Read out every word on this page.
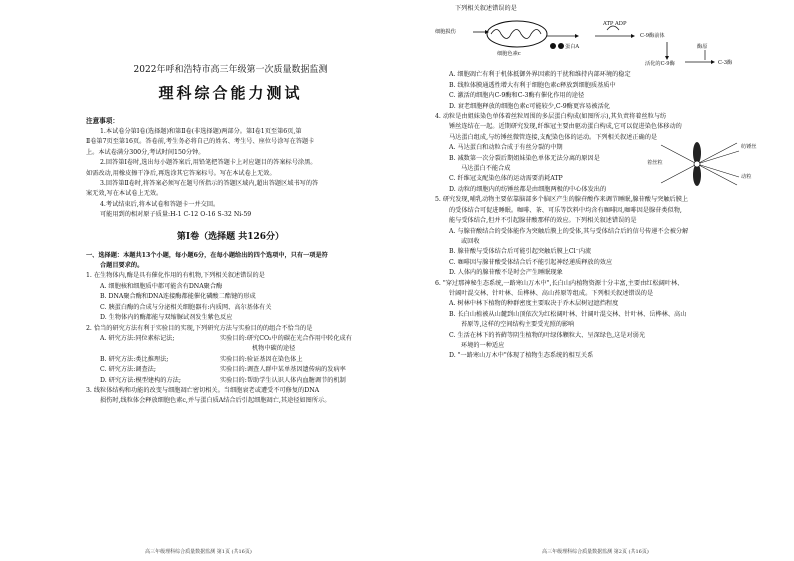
2022年呼和浩特市高三年级第一次质量数据监测
理科综合能力测试
注意事项：
1.本试卷分第Ⅰ卷(选择题)和第Ⅱ卷(非选择题)两部分。第Ⅰ卷1页至第6页,第
Ⅱ卷第7页至第16页。答卷前,考生务必将自己的姓名、考生号、座位号涂写在答题卡
上。本试卷满分300分,考试时间150分钟。
2.回答第Ⅰ卷时,选出每小题答案后,用铅笔把答题卡上对应题目的答案标号涂黑。
如需改动,用橡皮擦干净后,再选涂其它答案标号。写在本试卷上无效。
3.回答第Ⅱ卷时,将答案必须写在题号所指示的答题区域内,超出答题区域书写的答
案无效,写在本试卷上无效。
4.考试结束后,将本试卷和答题卡一并交回。
可能用到的相对原子质量:H-1 C-12 O-16 S-32 Ni-59
第Ⅰ卷（选择题 共126分）
一、选择题：本题共13个小题，每小题6分，在每小题给出的四个选项中，只有一项是符
合题目要求的。
1. 在生物体内,酶是具有催化作用的有机物,下列相关叙述错误的是
A. 细胞核和细胞质中都可能含有DNA聚合酶
B. DNA聚合酶和DNA连接酶都能催化磷酸二酯键的形成
C. 胰蛋白酶的合成与分泌相关细胞器有:内质网、高尔基体有关
D. 生物体内的酶都能与双缩脲试剂发生紫色反应
2. 恰当的研究方法有利于实验目的实现,下列研究方法与实验目的的组合不恰当的是
A. 研究方法:同位素标记法;	实验目的:研究CO₂中的碳在光合作用中转化成有
机物中碳的途径
B. 研究方法:类比推理法;	实验目的:验证基因在染色体上
C. 研究方法:调查法;	实验目的:调查人群中某单基因遗传病的发病率
D. 研究方法:模型建构的方法;	实验目的:帮助学生认识人体内血糖调节的机制
3. 线粒体结构和功能的改变与细胞凋亡密切相关。当细胞衰老或遭受不可修复的DNA
损伤时,线粒体会释放细胞色素c,并与蛋白质A结合后引起细胞凋亡,其途径如图所示。
高三年级理科综合质量数据监测 第1页 (共16页)
下列相关叙述错误的是
细胞损伤
细胞色素c
蛋白A
ATP ADP
C-9酶前体
活化的C-9酶
酶原
C-3酶
A. 细胞凋亡有利于机体抵御外界因素的干扰和维持内部环境的稳定
B. 线粒体膜通透性增大有利于细胞色素c释放到细胞质基质中
C. 激活的细胞内C-9酶和C-3酶有催化作用的途径
D. 衰老细胞释放的细胞色素c可能较少,C-9酶更容易被活化
4. 动粒是由姐妹染色单体着丝粒周围的多层蛋白构成(如图所示),其负责将着丝粒与纺
锤丝连结在一起。近期研究发现,纤维冠主要由驱动蛋白构成,它可以促进染色体移动的
马达蛋白组成,与纺锤丝微管连接,支配染色体的运动。下列相关叙述正确的是
A. 马达蛋白和动粒合成于有丝分裂的中期
B. 减数第一次分裂后期姐妹染色单体无法分离的原因是
马达蛋白不能合成
C. 纤维冠支配染色体的运动需要消耗ATP
D. 动粒的细胞内的纺锤丝都是由细胞两极的中心体发出的
纺锤丝
着丝粒
动粒
5. 研究发现,哺乳动物主要依靠脑部多个脑区产生的腺苷酸作来调节睡眠,腺苷酸与突触后膜上
的受体结合可促进睡眠。咖啡、茶、可乐等饮料中均含有咖啡因,咖啡因是腺苷类似物,
能与受体结合,但并不引起腺苷酸那样的效应。下列相关叙述错误的是
A. 与腺苷酸结合的受体能作为突触后膜上的受体,其与受体结合后的信号传递不会被分解
或回收
B. 腺苷酸与受体结合后可能引起突触后膜上Cl⁻内流
C. 咖啡因与腺苷酸受体结合后不能引起神经递质释放的效应
D. 人体内的腺苷酸不是时会产生睡眠现象
6. "穿过那神秘生态系统,一路寒山万木中",长白山内植物资源十分丰富,主要由红松阔叶林、
针阔叶混交林、针叶林、岳桦林、高山苔原等组成。下列相关叙述错误的是
A. 树林中林下植物的种群密度主要取决于乔木层树冠遮挡程度
B. 长白山植被从山麓到山顶依次为红松阔叶林、针阔叶混交林、针叶林、岳桦林、高山
苔原等,这样的空间结构主要受光照的影响
C. 生活在林下的苔藓等阴生植物的叶绿体颗粒大、呈深绿色,这是对弱光
环境的一种适应
D. "一路寒山万木中"体现了植物生态系统的相互关系
高三年级理科综合质量数据监测 第2页 (共16页)
